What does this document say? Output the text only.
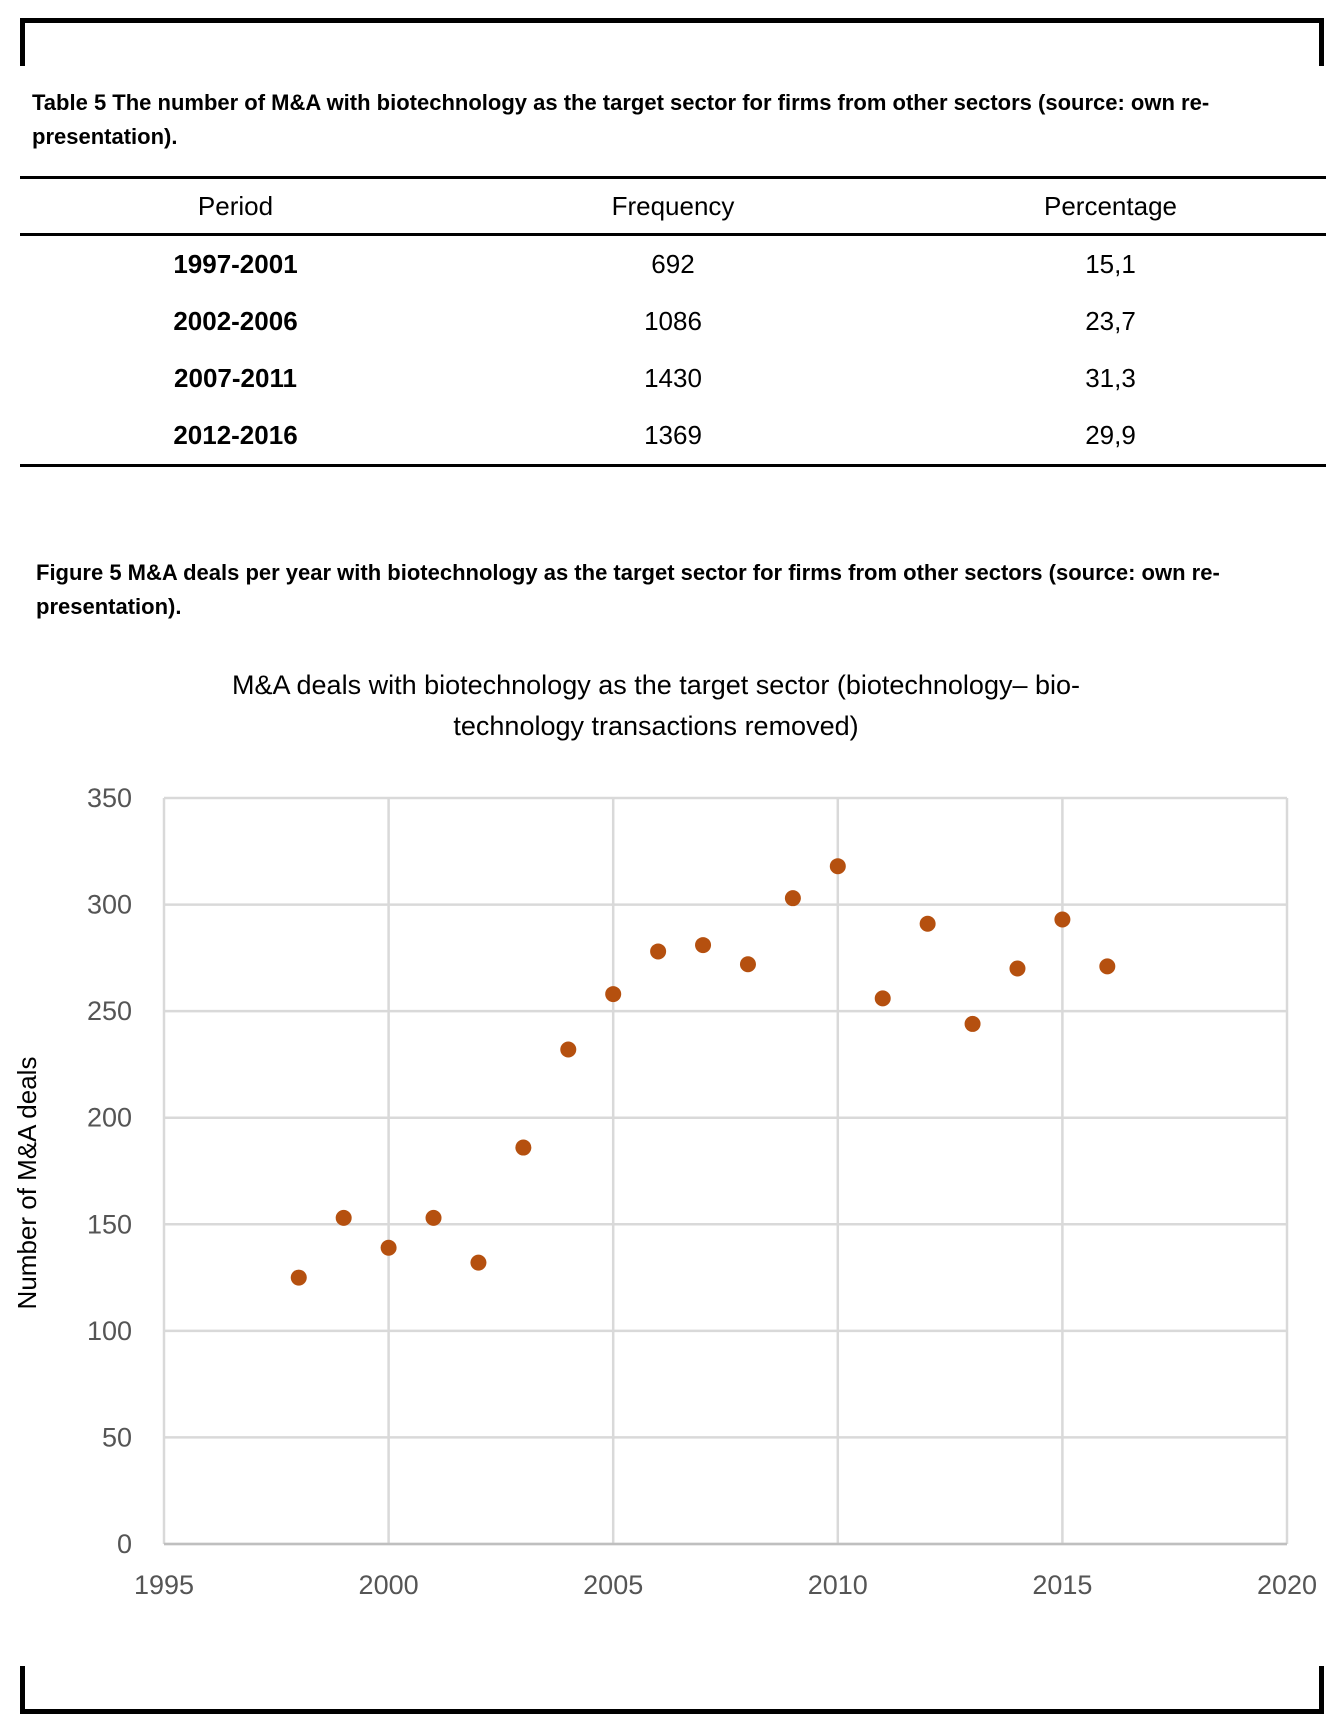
Table 5 The number of M&A with biotechnology as the target sector for firms from other sectors (source: own re-presentation).
Period	Frequency	Percentage
1997-2001	692	15,1
2002-2006	1086	23,7
2007-2011	1430	31,3
2012-2016	1369	29,9
Figure 5 M&A deals per year with biotechnology as the target sector for firms from other sectors (source: own re-presentation).
M&A deals with biotechnology as the target sector (biotechnology– bio-
technology transactions removed)
Number of M&A deals
0
50
100
150
200
250
300
350
1995	2000	2005	2010	2015	2020
